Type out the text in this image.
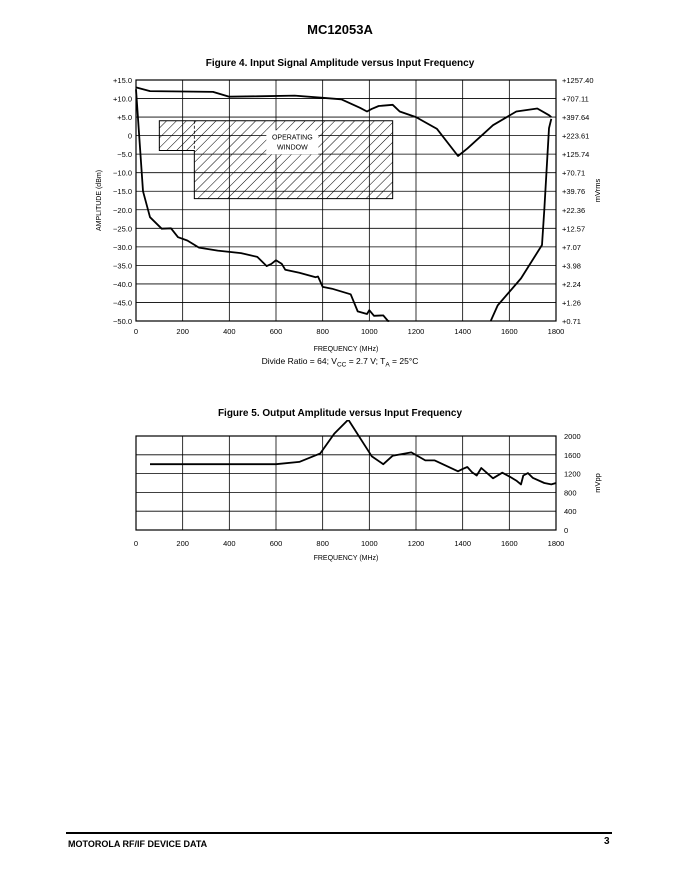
MC12053A
Figure 4. Input Signal Amplitude versus Input Frequency
0	200	400	600	800	1000	1200	1400	1600	1800
+15.0	+1257.40
+10.0	+707.11
+5.0	+397.64
0	+223.61
−5.0	+125.74
−10.0	+70.71
−15.0	+39.76
−20.0	+22.36
−25.0	+12.57
−30.0	+7.07
−35.0	+3.98
−40.0	+2.24
−45.0	+1.26
−50.0	+0.71
OPERATING
WINDOW
FREQUENCY (MHz)
AMPLITUDE (dBm)	mVrms
Divide Ratio = 64; $V_{CC} = 2.7$ V; $T_A = 25^\circ C$
Figure 5. Output Amplitude versus Input Frequency
0	200	400	600	800	1000	1200	1400	1600	1800
0
400
800
1200
1600
2000
FREQUENCY (MHz)
mVpp
MOTOROLA RF/IF DEVICE DATA	3
